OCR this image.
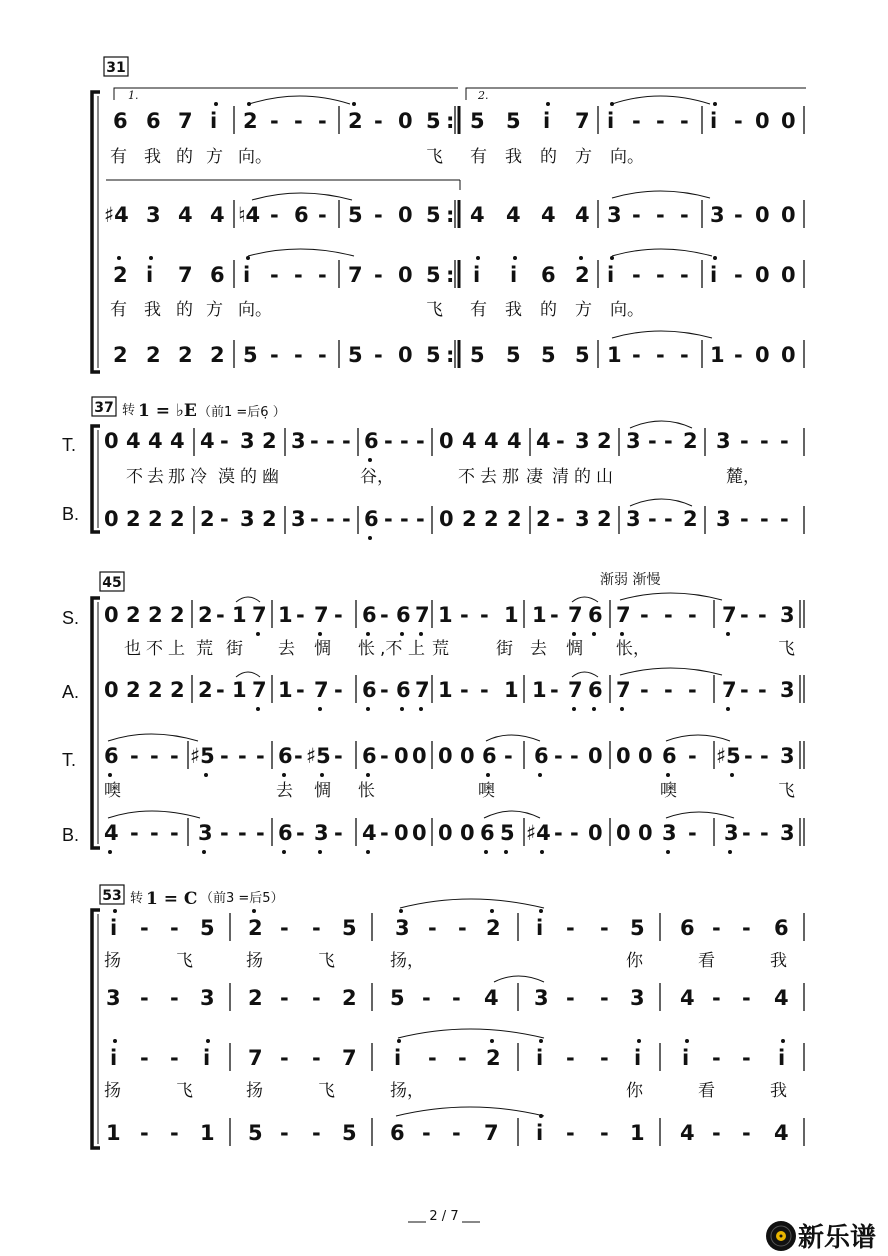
31
1.	2.
6 6 7 i 2 - - - 2 - 0 5 : 5 5 i 7 i - - - i - 0 0
有 我 的 方 向。	飞 有 我 的 方 向。
♯4 3 4 4 ♮4 - 6 - 5 - 0 5 : 4 4 4 4 3 - - - 3 - 0 0
2 i 7 6 i - - - 7 - 0 5 : i i 6 2 i - - - i - 0 0
有 我 的 方 向。	飞 有 我 的 方 向。
2 2 2 2 5 - - - 5 - 0 5 : 5 5 5 5 1 - - - 1 - 0 0
37 转 1 = ♭E （前1 =后6̣ ）
T.
B.
0 4 4 4 4 - 3 2 3 - - - 6 - - - 0 4 4 4 4 - 3 2 3 - - 2 3 - - -
不 去 那 冷 漠 的 幽	谷，	不 去 那 凄 清 的 山	麓，
0 2 2 2 2 - 3 2 3 - - - 6 - - - 0 2 2 2 2 - 3 2 3 - - 2 3 - - -
45	渐弱 渐慢
S.
A.
T.
B.
0 2 2 2 2 - 1 7 1 - 7 - 6 - 6 7 1 - - 1 1 - 7 6 7 - - - 7 - - 3
也 不 上 荒 街 去 惆 怅 ,不 上 荒	街 去 惆 怅，	飞
0 2 2 2 2 - 1 7 1 - 7 - 6 - 6 7 1 - - 1 1 - 7 6 7 - - - 7 - - 3
6 - - - ♯5 - - - 6 - ♯5 - 6 - 0 0 0 0 6 - 6 - - 0 0 0 6 - ♯5 - - 3
噢	去 惆 怅	噢	噢	飞
4 - - - 3 - - - 6 - 3 - 4 - 0 0 0 0 6 5 ♯4 - - 0 0 0 3 - 3 - - 3
53 转 1 = C （前3 =后5）
i - - 5 2 - - 5 3 - - 2 i - - 5 6 - - 6
扬	飞	扬	飞	扬，	你	看	我
3 - - 3 2 - - 2 5 - - 4 3 - - 3 4 - - 4
i - - i 7 - - 7 i - - 2 i - - i i - - i
扬	飞	扬	飞	扬，	你	看	我
1 - - 1 5 - - 5 6 - - 7 i - - 1 4 - - 4
2 / 7
新乐谱
